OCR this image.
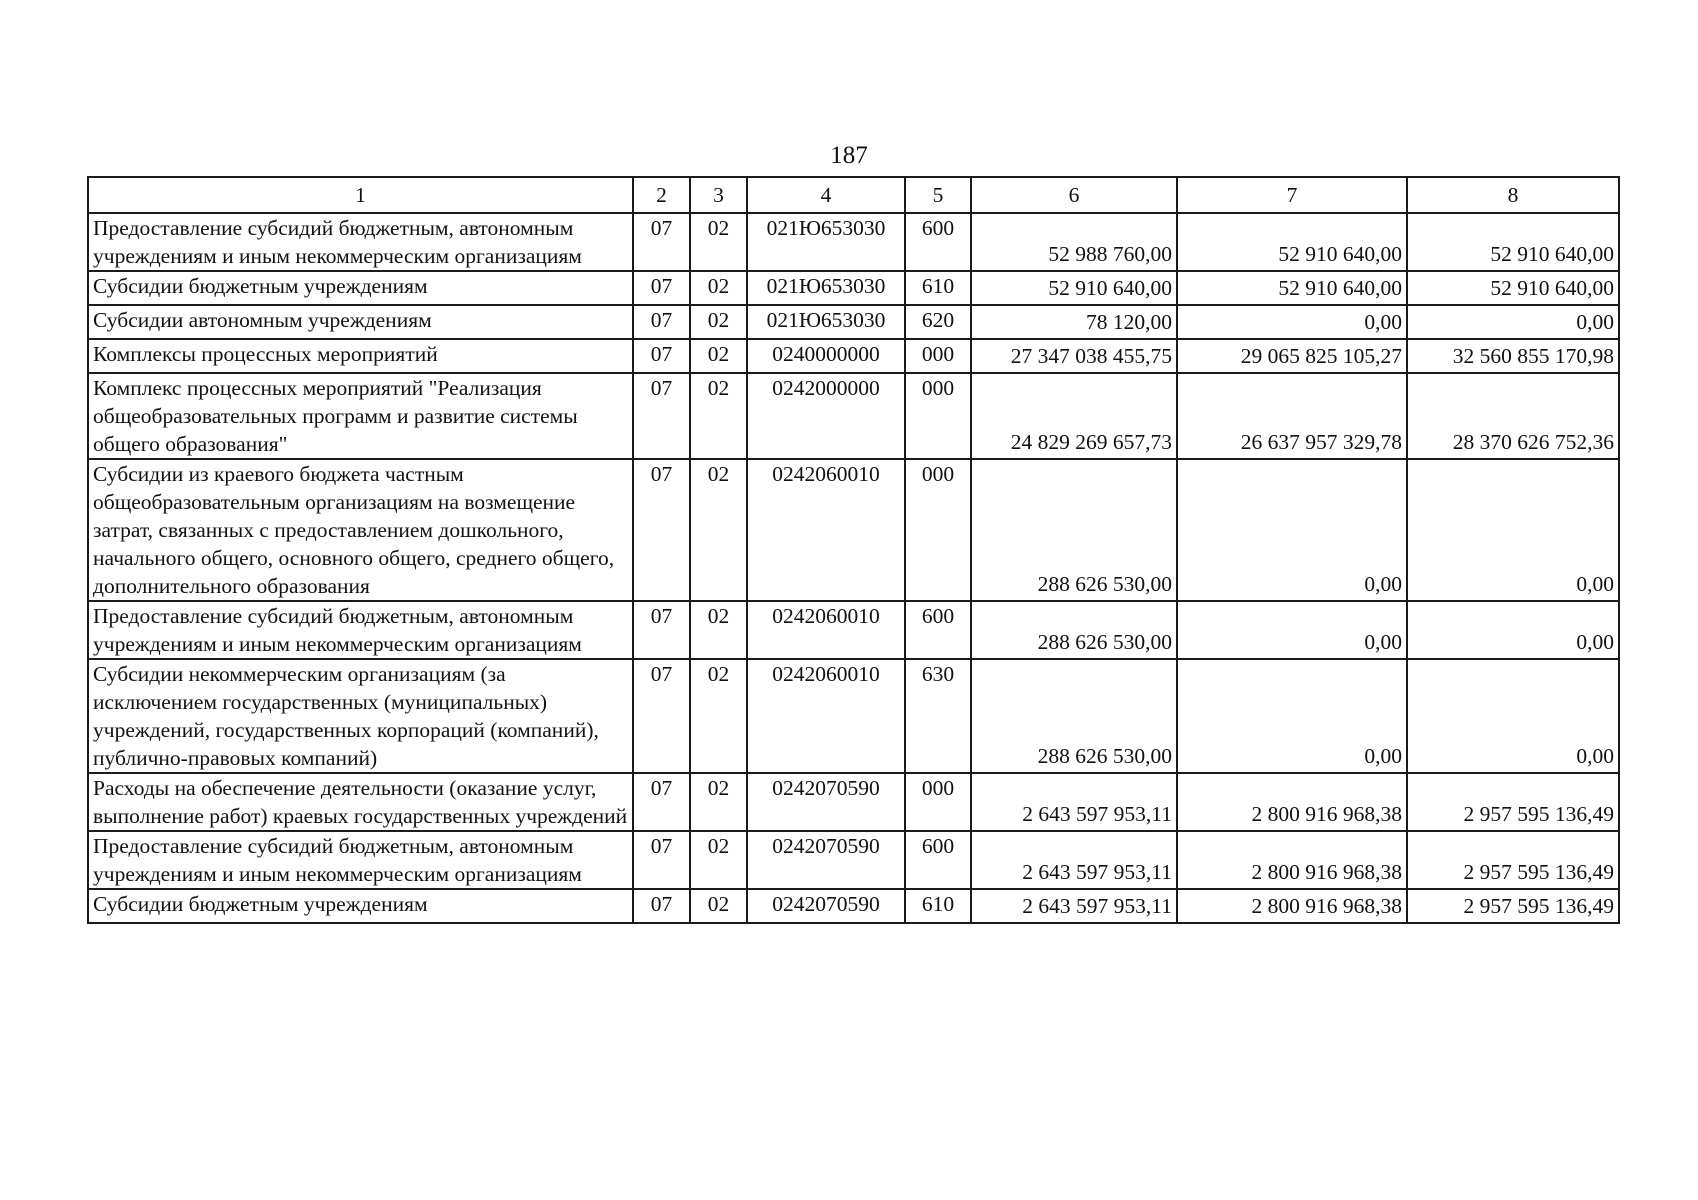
187
1	2	3	4	5	6	7	8
Предоставление субсидий бюджетным, автономным учреждениям и иным некоммерческим организациям	07	02	021Ю653030	600	52 988 760,00	52 910 640,00	52 910 640,00

Субсидии бюджетным учреждениям	07	02	021Ю653030	610	52 910 640,00	52 910 640,00	52 910 640,00

Субсидии автономным учреждениям	07	02	021Ю653030	620	78 120,00	0,00	0,00

Комплексы процессных мероприятий	07	02	0240000000	000	27 347 038 455,75	29 065 825 105,27	32 560 855 170,98

Комплекс процессных мероприятий "Реализация общеобразовательных программ и развитие системы общего образования"	07	02	0242000000	000	24 829 269 657,73	26 637 957 329,78	28 370 626 752,36

Субсидии из краевого бюджета частным общеобразовательным организациям на возмещение затрат, связанных с предоставлением дошкольного, начального общего, основного общего, среднего общего, дополнительного образования	07	02	0242060010	000	288 626 530,00	0,00	0,00

Предоставление субсидий бюджетным, автономным учреждениям и иным некоммерческим организациям	07	02	0242060010	600	288 626 530,00	0,00	0,00

Субсидии некоммерческим организациям (за исключением государственных (муниципальных) учреждений, государственных корпораций (компаний), публично-правовых компаний)	07	02	0242060010	630	288 626 530,00	0,00	0,00

Расходы на обеспечение деятельности (оказание услуг, выполнение работ) краевых государственных учреждений	07	02	0242070590	000	2 643 597 953,11	2 800 916 968,38	2 957 595 136,49

Предоставление субсидий бюджетным, автономным учреждениям и иным некоммерческим организациям	07	02	0242070590	600	2 643 597 953,11	2 800 916 968,38	2 957 595 136,49

Субсидии бюджетным учреждениям	07	02	0242070590	610	2 643 597 953,11	2 800 916 968,38	2 957 595 136,49
